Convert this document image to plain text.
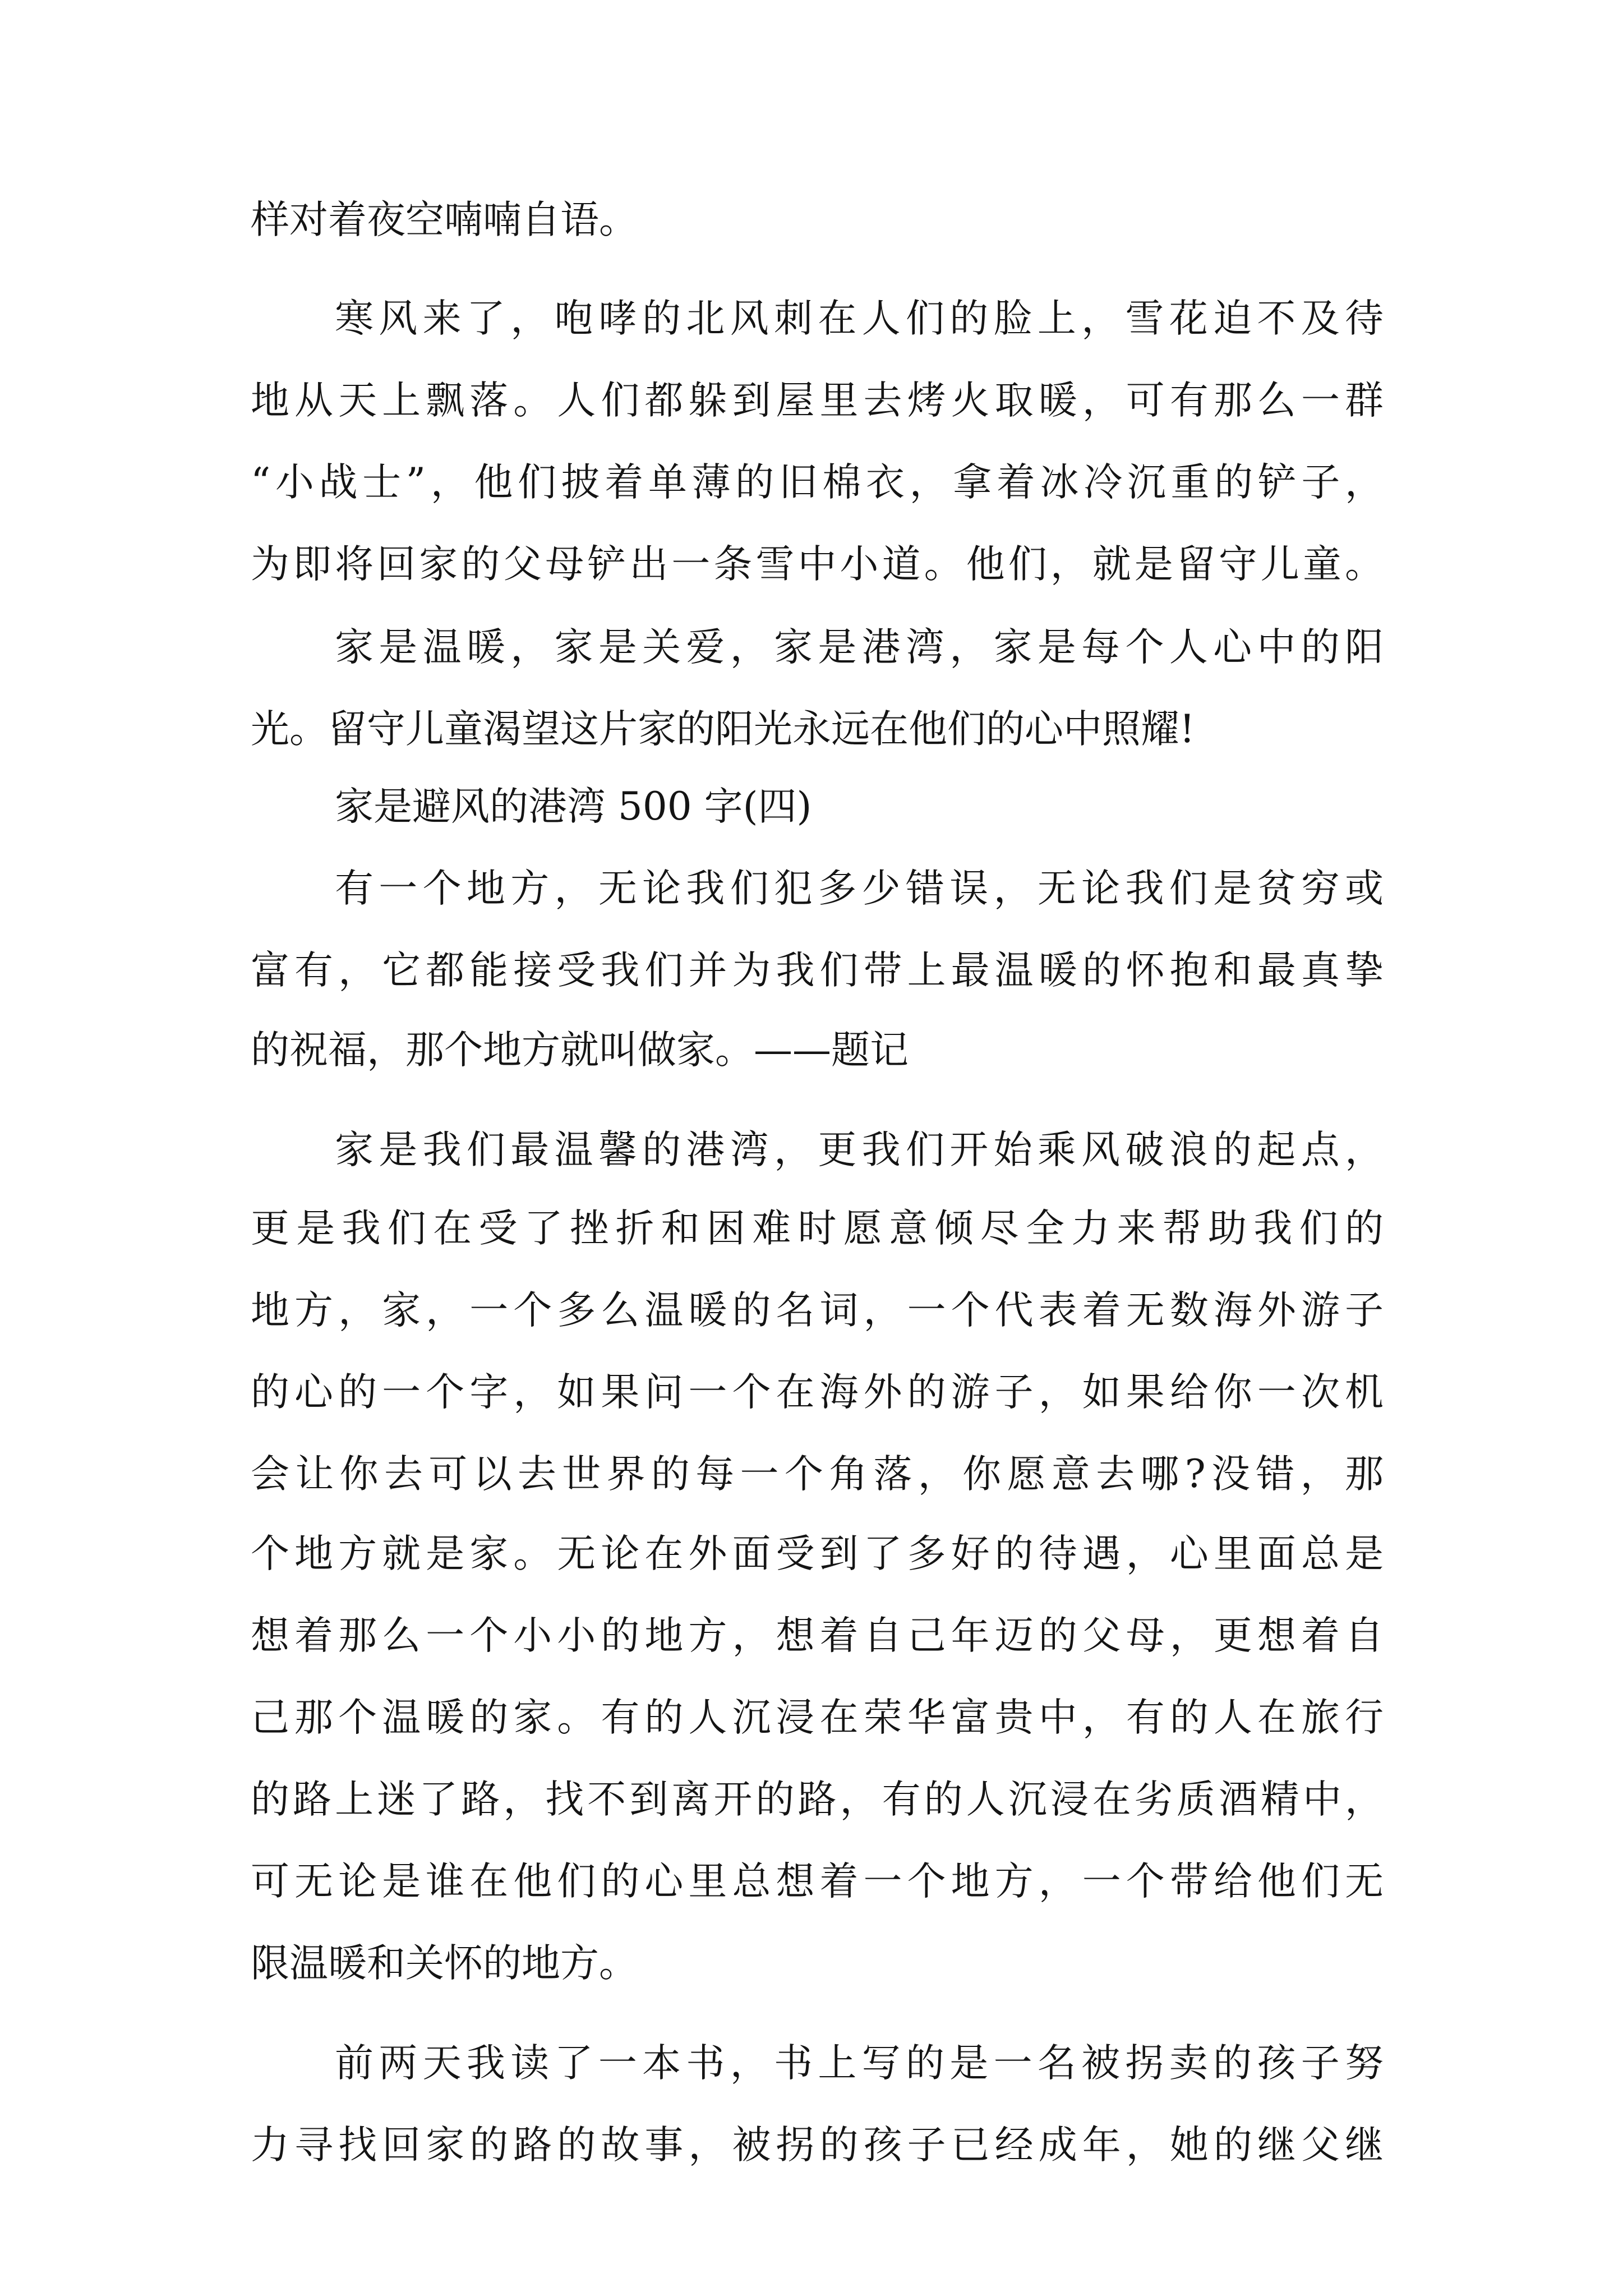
样对着夜空喃喃自语。

寒风来了，咆哮的北风刺在人们的脸上，雪花迫不及待

地从天上飘落。人们都躲到屋里去烤火取暖，可有那么一群

“小战士”，他们披着单薄的旧棉衣，拿着冰冷沉重的铲子，

为即将回家的父母铲出一条雪中小道。他们，就是留守儿童。

家是温暖，家是关爱，家是港湾，家是每个人心中的阳

光。留守儿童渴望这片家的阳光永远在他们的心中照耀!

家是避风的港湾 500 字(四)

有一个地方，无论我们犯多少错误，无论我们是贫穷或

富有，它都能接受我们并为我们带上最温暖的怀抱和最真挚

的祝福，那个地方就叫做家。——题记

家是我们最温馨的港湾，更我们开始乘风破浪的起点，

更是我们在受了挫折和困难时愿意倾尽全力来帮助我们的

地方，家，一个多么温暖的名词，一个代表着无数海外游子

的心的一个字，如果问一个在海外的游子，如果给你一次机

会让你去可以去世界的每一个角落，你愿意去哪?没错，那

个地方就是家。无论在外面受到了多好的待遇，心里面总是

想着那么一个小小的地方，想着自己年迈的父母，更想着自

己那个温暖的家。有的人沉浸在荣华富贵中，有的人在旅行

的路上迷了路，找不到离开的路，有的人沉浸在劣质酒精中，

可无论是谁在他们的心里总想着一个地方，一个带给他们无

限温暖和关怀的地方。

前两天我读了一本书，书上写的是一名被拐卖的孩子努

力寻找回家的路的故事，被拐的孩子已经成年，她的继父继
